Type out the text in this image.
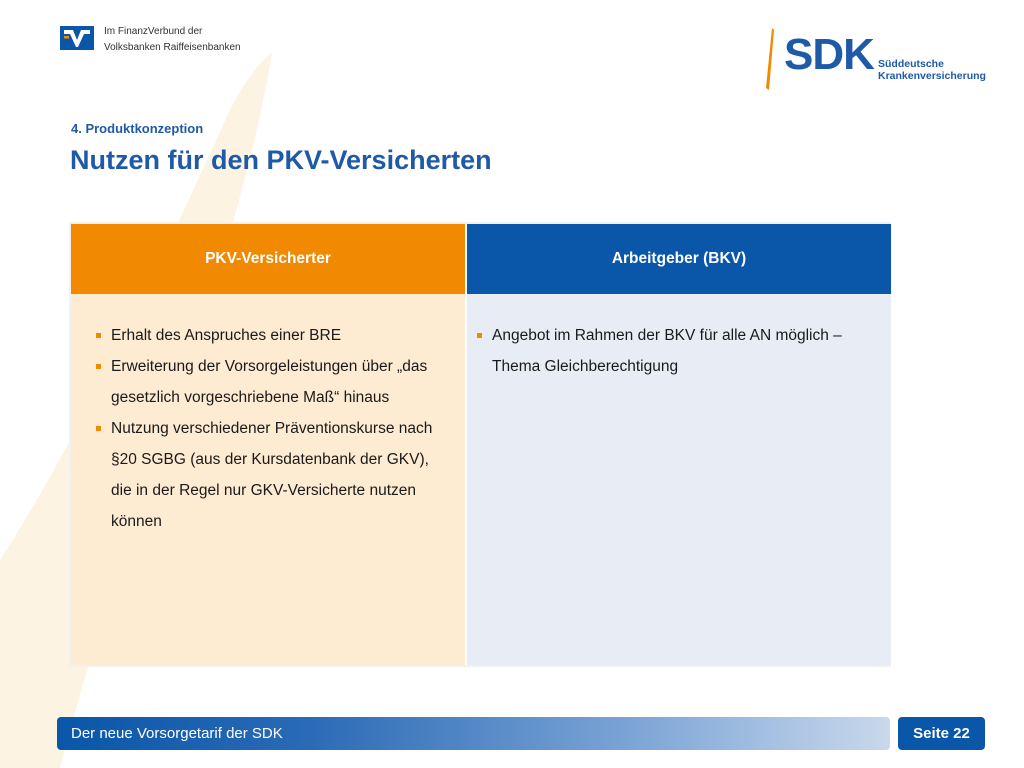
Im FinanzVerbund der
Volksbanken Raiffeisenbanken	SDK Süddeutsche
Krankenversicherung
4. Produktkonzeption
Nutzen für den PKV-Versicherten
PKV-Versicherter
Erhalt des Anspruches einer BRE
Erweiterung der Vorsorgeleistungen über „das gesetzlich vorgeschriebene Maß“ hinaus
Nutzung verschiedener Präventionskurse nach §20 SGBG (aus der Kursdatenbank der GKV), die in der Regel nur GKV-Versicherte nutzen können
Arbeitgeber (BKV)
Angebot im Rahmen der BKV für alle AN möglich – Thema Gleichberechtigung
Der neue Vorsorgetarif der SDK	Seite 22
